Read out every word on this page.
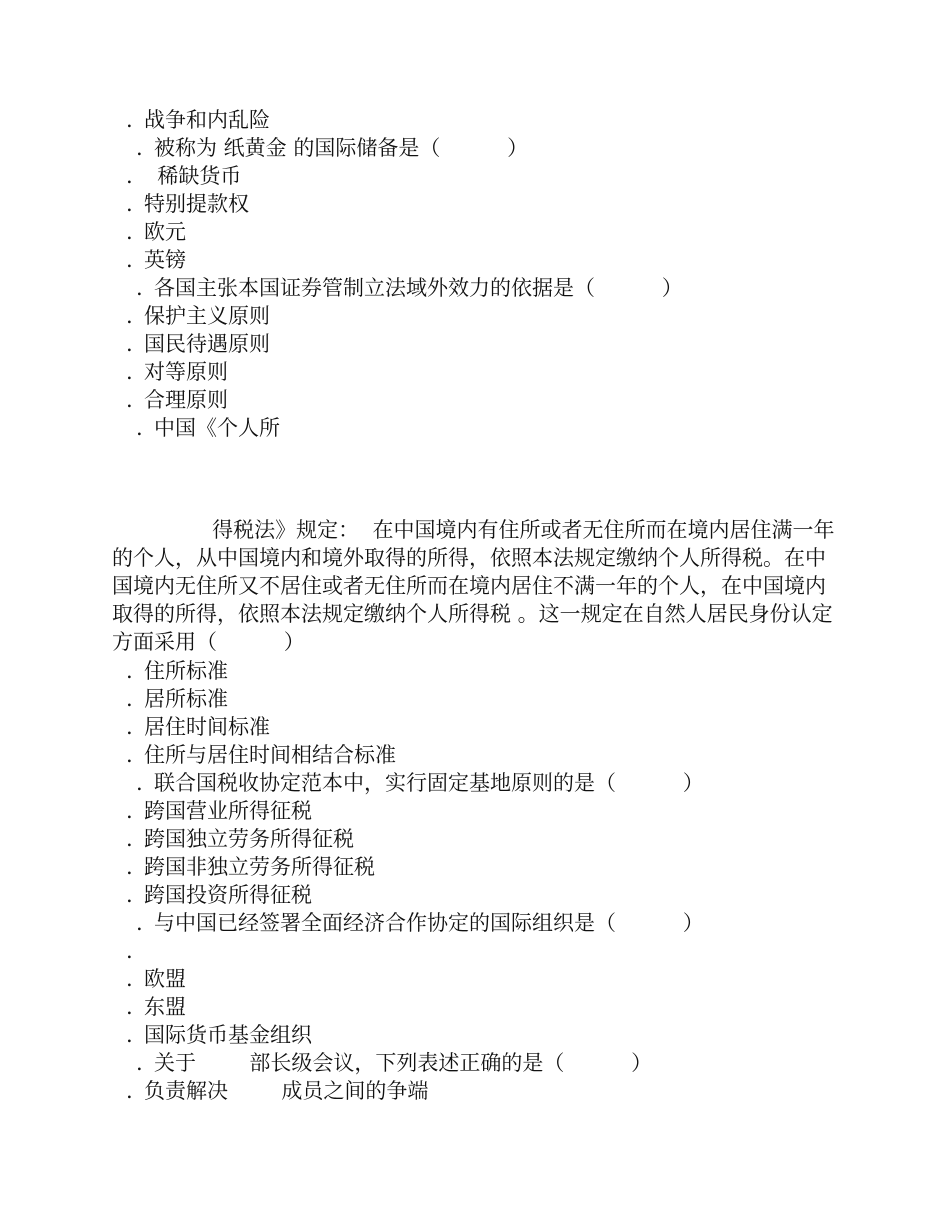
. 战争和内乱险
. 被称为 纸黄金 的国际储备是（          ）
.  稀缺货币
. 特别提款权
. 欧元
. 英镑
. 各国主张本国证券管制立法域外效力的依据是（          ）
. 保护主义原则
. 国民待遇原则
. 对等原则
. 合理原则
. 中国《个人所
得税法》规定：  在中国境内有住所或者无住所而在境内居住满一年的个人，从中国境内和境外取得的所得，依照本法规定缴纳个人所得税。在中国境内无住所又不居住或者无住所而在境内居住不满一年的个人，在中国境内取得的所得，依照本法规定缴纳个人所得税 。这一规定在自然人居民身份认定方面采用（          ）
. 住所标准
. 居所标准
. 居住时间标准
. 住所与居住时间相结合标准
. 联合国税收协定范本中，实行固定基地原则的是（          ）
. 跨国营业所得征税
. 跨国独立劳务所得征税
. 跨国非独立劳务所得征税
. 跨国投资所得征税
. 与中国已经签署全面经济合作协定的国际组织是（          ）
.
. 欧盟
. 东盟
. 国际货币基金组织
. 关于        部长级会议，下列表述正确的是（          ）
. 负责解决        成员之间的争端
